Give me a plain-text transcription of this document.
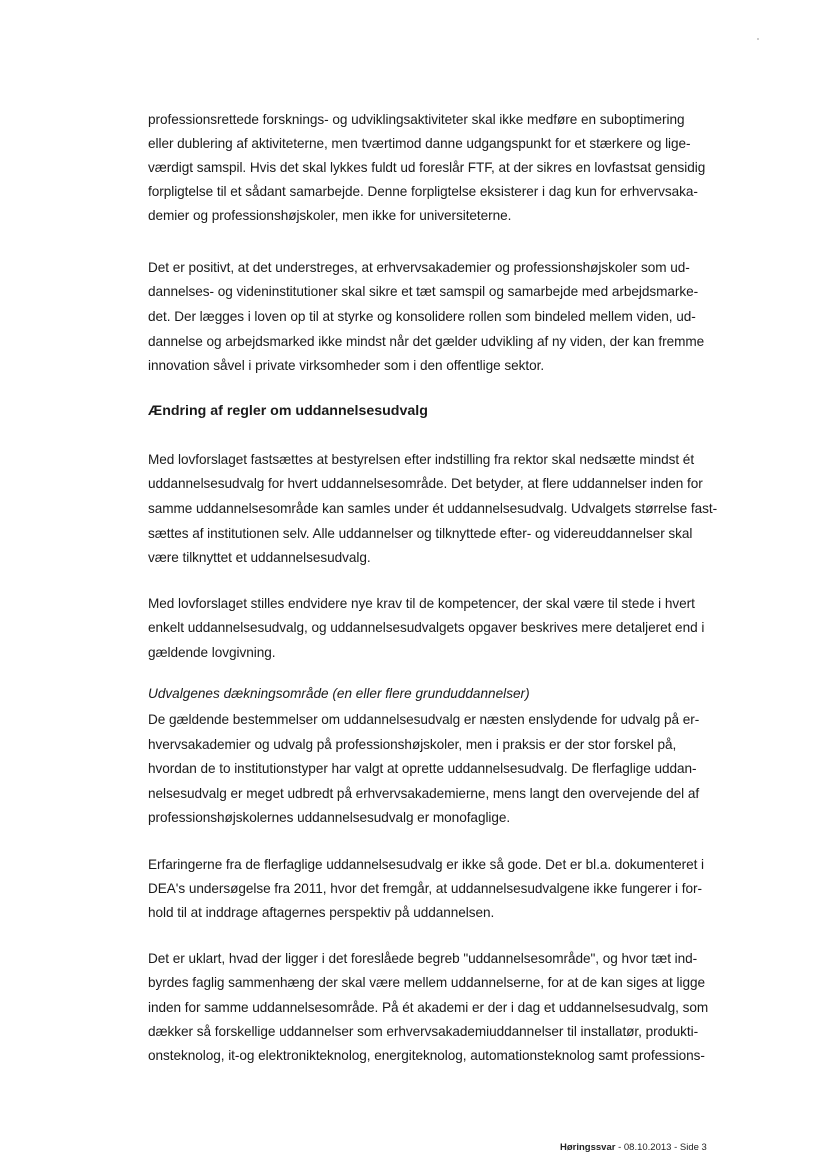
professionsrettede forsknings- og udviklingsaktiviteter skal ikke medføre en suboptimering
eller dublering af aktiviteterne, men tværtimod danne udgangspunkt for et stærkere og lige-
værdigt samspil. Hvis det skal lykkes fuldt ud foreslår FTF, at der sikres en lovfastsat gensidig
forpligtelse til et sådant samarbejde. Denne forpligtelse eksisterer i dag kun for erhvervsaka-
demier og professionshøjskoler, men ikke for universiteterne.
Det er positivt, at det understreges, at erhvervsakademier og professionshøjskoler som ud-
dannelses- og videninstitutioner skal sikre et tæt samspil og samarbejde med arbejdsmarke-
det. Der lægges i loven op til at styrke og konsolidere rollen som bindeled mellem viden, ud-
dannelse og arbejdsmarked ikke mindst når det gælder udvikling af ny viden, der kan fremme
innovation såvel i private virksomheder som i den offentlige sektor.
Ændring af regler om uddannelsesudvalg
Med lovforslaget fastsættes at bestyrelsen efter indstilling fra rektor skal nedsætte mindst ét
uddannelsesudvalg for hvert uddannelsesområde. Det betyder, at flere uddannelser inden for
samme uddannelsesområde kan samles under ét uddannelsesudvalg. Udvalgets størrelse fast-
sættes af institutionen selv. Alle uddannelser og tilknyttede efter- og videreuddannelser skal
være tilknyttet et uddannelsesudvalg.
Med lovforslaget stilles endvidere nye krav til de kompetencer, der skal være til stede i hvert
enkelt uddannelsesudvalg, og uddannelsesudvalgets opgaver beskrives mere detaljeret end i
gældende lovgivning.
Udvalgenes dækningsområde (en eller flere grunduddannelser)
De gældende bestemmelser om uddannelsesudvalg er næsten enslydende for udvalg på er-
hvervsakademier og udvalg på professionshøjskoler, men i praksis er der stor forskel på,
hvordan de to institutionstyper har valgt at oprette uddannelsesudvalg. De flerfaglige uddan-
nelsesudvalg er meget udbredt på erhvervsakademierne, mens langt den overvejende del af
professionshøjskolernes uddannelsesudvalg er monofaglige.
Erfaringerne fra de flerfaglige uddannelsesudvalg er ikke så gode. Det er bl.a. dokumenteret i
DEA's undersøgelse fra 2011, hvor det fremgår, at uddannelsesudvalgene ikke fungerer i for-
hold til at inddrage aftagernes perspektiv på uddannelsen.
Det er uklart, hvad der ligger i det foreslåede begreb "uddannelsesområde", og hvor tæt ind-
byrdes faglig sammenhæng der skal være mellem uddannelserne, for at de kan siges at ligge
inden for samme uddannelsesområde. På ét akademi er der i dag et uddannelsesudvalg, som
dækker så forskellige uddannelser som erhvervsakademiuddannelser til installatør, produkti-
onsteknolog, it-og elektronikteknolog, energiteknolog, automationsteknolog samt professions-
Høringssvar - 08.10.2013 - Side 3
